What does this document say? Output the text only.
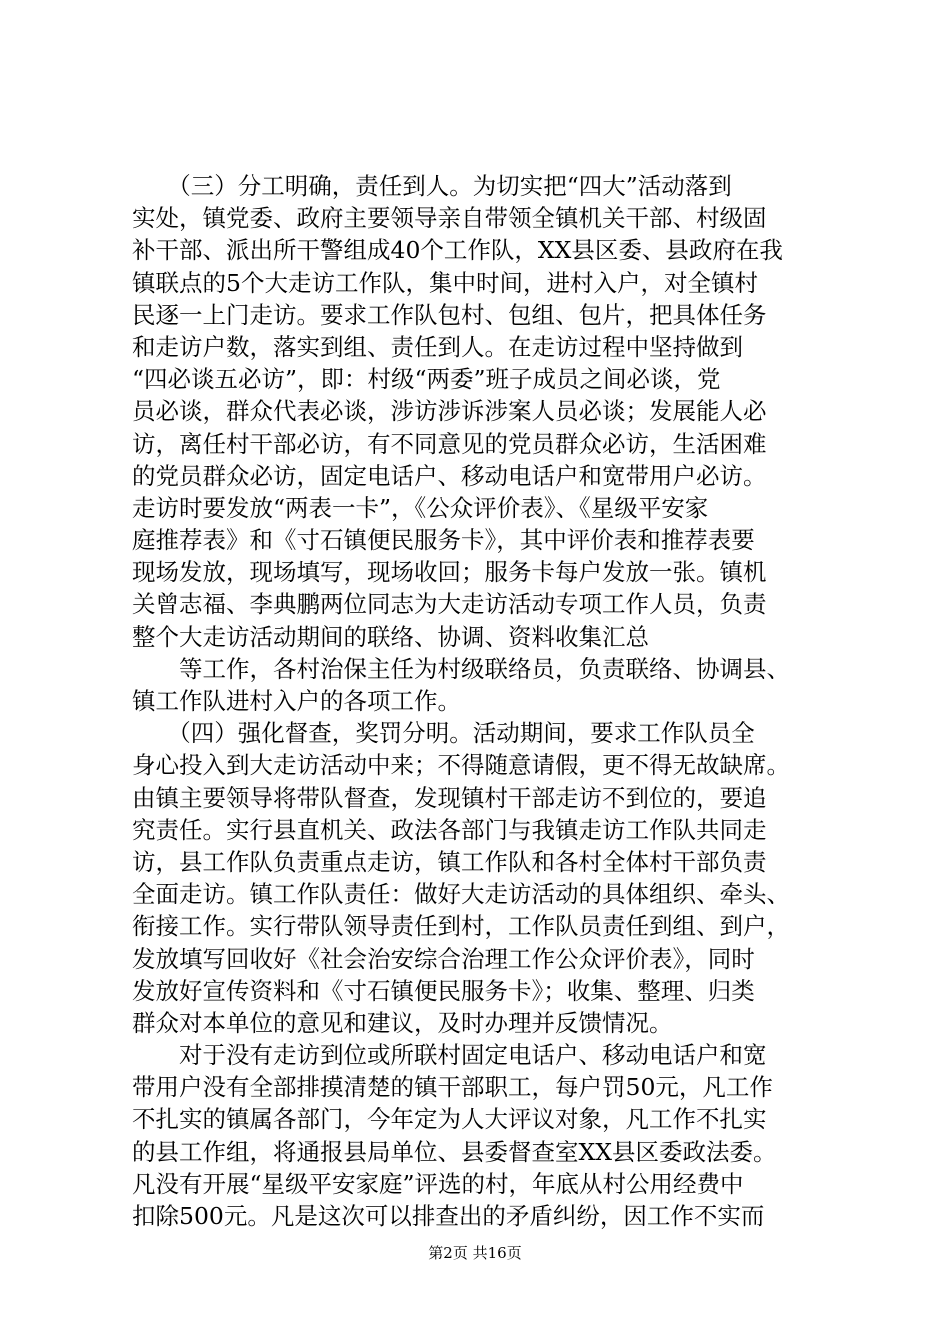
　　（三）分工明确，责任到人。为切实把“四大”活动落到
实处，镇党委、政府主要领导亲自带领全镇机关干部、村级固
补干部、派出所干警组成40个工作队，XX县区委、县政府在我
镇联点的5个大走访工作队，集中时间，进村入户，对全镇村
民逐一上门走访。要求工作队包村、包组、包片，把具体任务
和走访户数，落实到组、责任到人。在走访过程中坚持做到
“四必谈五必访”，即：村级“两委”班子成员之间必谈，党
员必谈，群众代表必谈，涉访涉诉涉案人员必谈；发展能人必
访，离任村干部必访，有不同意见的党员群众必访，生活困难
的党员群众必访，固定电话户、移动电话户和宽带用户必访。
走访时要发放“两表一卡”，《公众评价表》、《星级平安家
庭推荐表》和《寸石镇便民服务卡》，其中评价表和推荐表要
现场发放，现场填写，现场收回；服务卡每户发放一张。镇机
关曾志福、李典鹏两位同志为大走访活动专项工作人员，负责
整个大走访活动期间的联络、协调、资料收集汇总
　　等工作，各村治保主任为村级联络员，负责联络、协调县、
镇工作队进村入户的各项工作。
　　（四）强化督查，奖罚分明。活动期间，要求工作队员全
身心投入到大走访活动中来；不得随意请假，更不得无故缺席。
由镇主要领导将带队督查，发现镇村干部走访不到位的，要追
究责任。实行县直机关、政法各部门与我镇走访工作队共同走
访，县工作队负责重点走访，镇工作队和各村全体村干部负责
全面走访。镇工作队责任：做好大走访活动的具体组织、牵头、
衔接工作。实行带队领导责任到村，工作队员责任到组、到户，
发放填写回收好《社会治安综合治理工作公众评价表》，同时
发放好宣传资料和《寸石镇便民服务卡》；收集、整理、归类
群众对本单位的意见和建议，及时办理并反馈情况。
　　对于没有走访到位或所联村固定电话户、移动电话户和宽
带用户没有全部排摸清楚的镇干部职工，每户罚50元，凡工作
不扎实的镇属各部门，今年定为人大评议对象，凡工作不扎实
的县工作组，将通报县局单位、县委督查室XX县区委政法委。
凡没有开展“星级平安家庭”评选的村，年底从村公用经费中
扣除500元。凡是这次可以排查出的矛盾纠纷，因工作不实而
第2页 共16页
